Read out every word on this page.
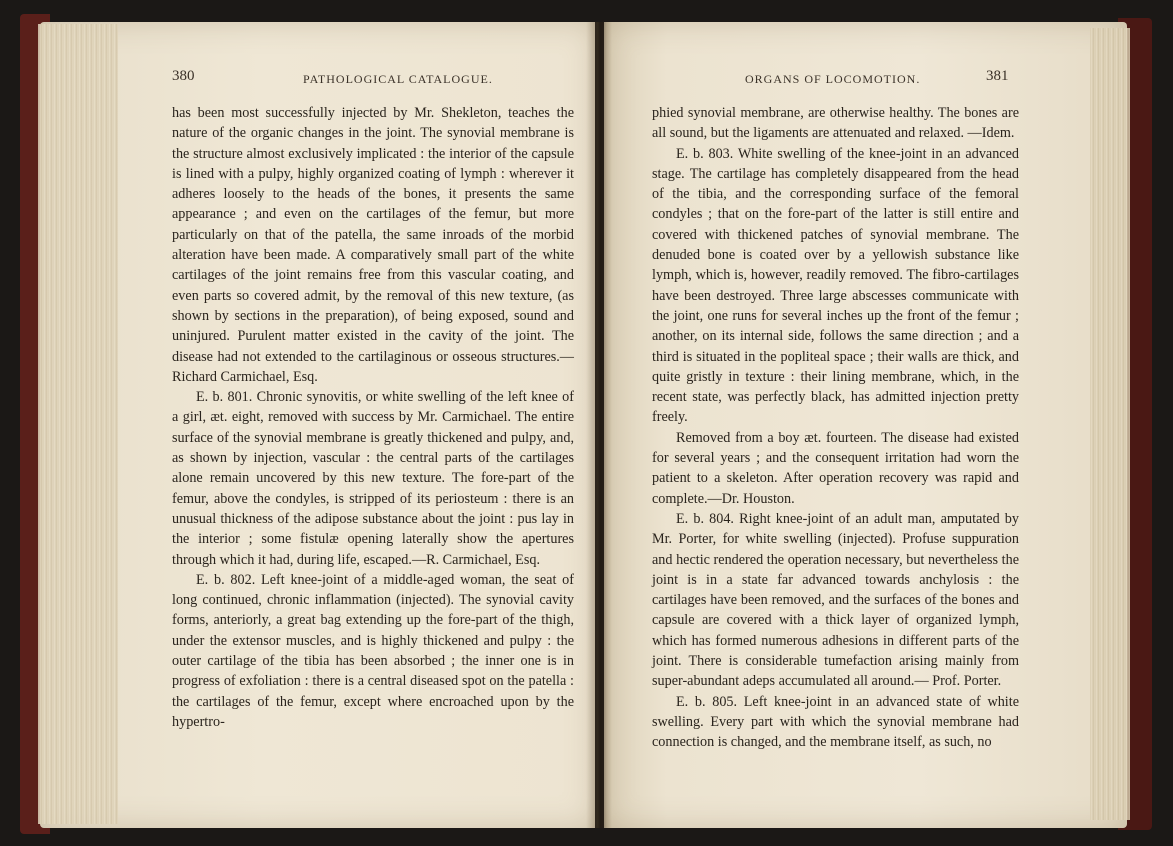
380	PATHOLOGICAL CATALOGUE.

has been most successfully injected by Mr. Shekleton, teaches the nature of the organic changes in the joint. The synovial membrane is the structure almost exclusively implicated : the interior of the capsule is lined with a pulpy, highly organized coating of lymph : wherever it adheres loosely to the heads of the bones, it presents the same appearance ; and even on the cartilages of the femur, but more particularly on that of the patella, the same inroads of the morbid alteration have been made. A comparatively small part of the white cartilages of the joint remains free from this vascular coating, and even parts so covered admit, by the removal of this new texture, (as shown by sections in the preparation), of being exposed, sound and uninjured. Purulent matter existed in the cavity of the joint. The disease had not extended to the cartilaginous or osseous structures.—Richard Carmichael, Esq.

E. b. 801. Chronic synovitis, or white swelling of the left knee of a girl, æt. eight, removed with success by Mr. Carmichael. The entire surface of the synovial membrane is greatly thickened and pulpy, and, as shown by injection, vascular : the central parts of the cartilages alone remain uncovered by this new texture. The fore-part of the femur, above the condyles, is stripped of its periosteum : there is an unusual thickness of the adipose substance about the joint : pus lay in the interior ; some fistulæ opening laterally show the apertures through which it had, during life, escaped.—R. Carmichael, Esq.

E. b. 802. Left knee-joint of a middle-aged woman, the seat of long continued, chronic inflammation (injected). The synovial cavity forms, anteriorly, a great bag extending up the fore-part of the thigh, under the extensor muscles, and is highly thickened and pulpy : the outer cartilage of the tibia has been absorbed ; the inner one is in progress of exfoliation : there is a central diseased spot on the patella : the cartilages of the femur, except where encroached upon by the hypertro-

ORGANS OF LOCOMOTION.	381

phied synovial membrane, are otherwise healthy. The bones are all sound, but the ligaments are attenuated and relaxed. —Idem.

E. b. 803. White swelling of the knee-joint in an advanced stage. The cartilage has completely disappeared from the head of the tibia, and the corresponding surface of the femoral condyles ; that on the fore-part of the latter is still entire and covered with thickened patches of synovial membrane. The denuded bone is coated over by a yellowish substance like lymph, which is, however, readily removed. The fibro-cartilages have been destroyed. Three large abscesses communicate with the joint, one runs for several inches up the front of the femur ; another, on its internal side, follows the same direction ; and a third is situated in the popliteal space ; their walls are thick, and quite gristly in texture : their lining membrane, which, in the recent state, was perfectly black, has admitted injection pretty freely.

Removed from a boy æt. fourteen. The disease had existed for several years ; and the consequent irritation had worn the patient to a skeleton. After operation recovery was rapid and complete.—Dr. Houston.

E. b. 804. Right knee-joint of an adult man, amputated by Mr. Porter, for white swelling (injected). Profuse suppuration and hectic rendered the operation necessary, but nevertheless the joint is in a state far advanced towards anchylosis : the cartilages have been removed, and the surfaces of the bones and capsule are covered with a thick layer of organized lymph, which has formed numerous adhesions in different parts of the joint. There is considerable tumefaction arising mainly from super-abundant adeps accumulated all around.— Prof. Porter.

E. b. 805. Left knee-joint in an advanced state of white swelling. Every part with which the synovial membrane had connection is changed, and the membrane itself, as such, no
